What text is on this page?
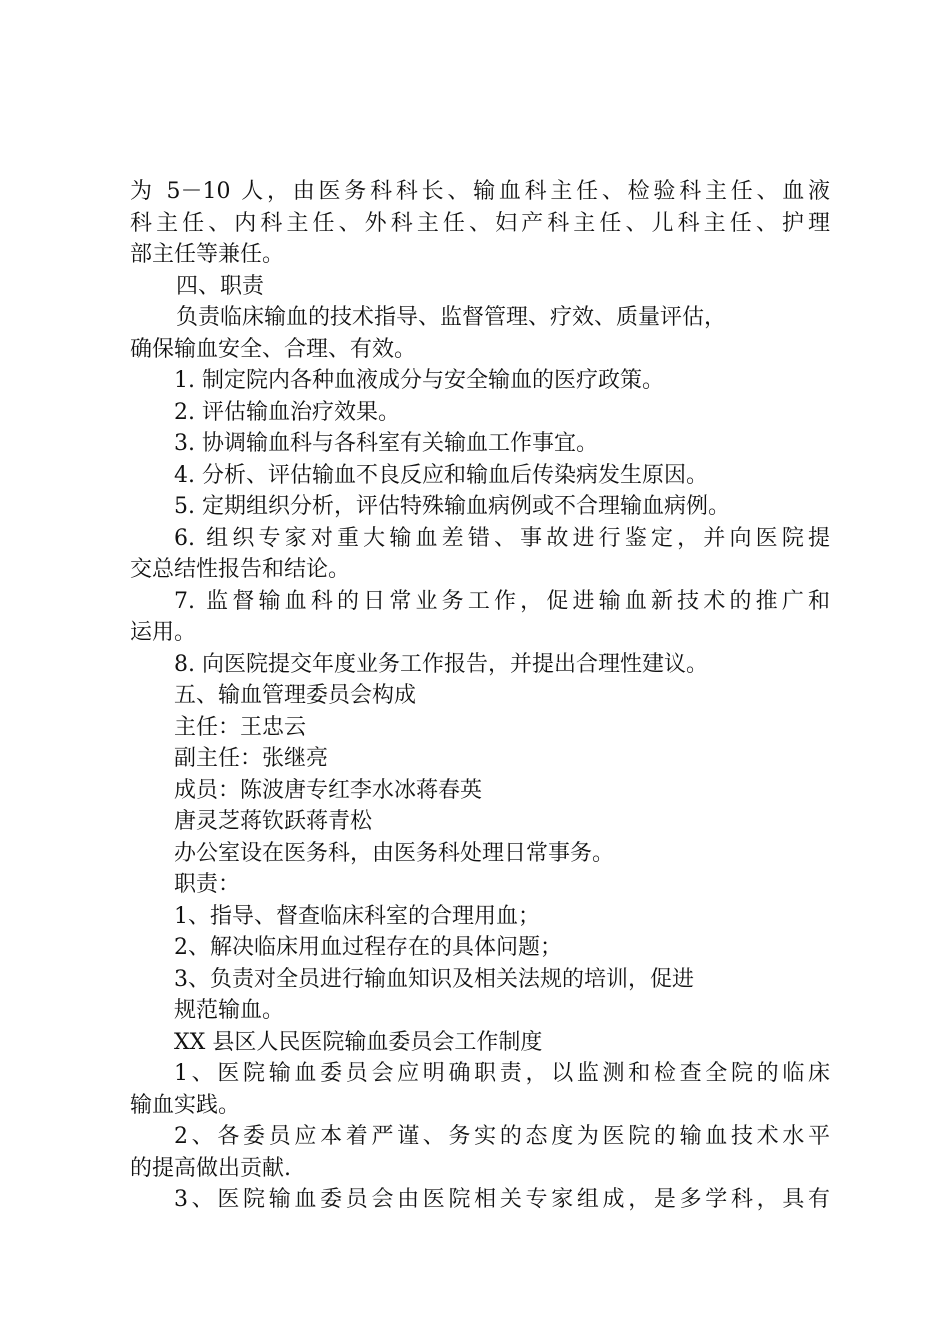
为 5－10 人，由医务科科长、输血科主任、检验科主任、血液
科主任、内科主任、外科主任、妇产科主任、儿科主任、护理
部主任等兼任。
四、职责
负责临床输血的技术指导、监督管理、疗效、质量评估，
确保输血安全、合理、有效。
1. 制定院内各种血液成分与安全输血的医疗政策。
2. 评估输血治疗效果。
3. 协调输血科与各科室有关输血工作事宜。
4. 分析、评估输血不良反应和输血后传染病发生原因。
5. 定期组织分析，评估特殊输血病例或不合理输血病例。
6. 组织专家对重大输血差错、事故进行鉴定，并向医院提
交总结性报告和结论。
7. 监督输血科的日常业务工作，促进输血新技术的推广和
运用。
8. 向医院提交年度业务工作报告，并提出合理性建议。
五、输血管理委员会构成
主任：王忠云
副主任：张继亮
成员：陈波唐专红李水冰蒋春英
唐灵芝蒋钦跃蒋青松
办公室设在医务科，由医务科处理日常事务。
职责：
1、指导、督查临床科室的合理用血；
2、解决临床用血过程存在的具体问题；
3、负责对全员进行输血知识及相关法规的培训，促进
规范输血。
XX 县区人民医院输血委员会工作制度
1、医院输血委员会应明确职责，以监测和检查全院的临床
输血实践。
2、各委员应本着严谨、务实的态度为医院的输血技术水平
的提高做出贡献.
3、医院输血委员会由医院相关专家组成，是多学科，具有
